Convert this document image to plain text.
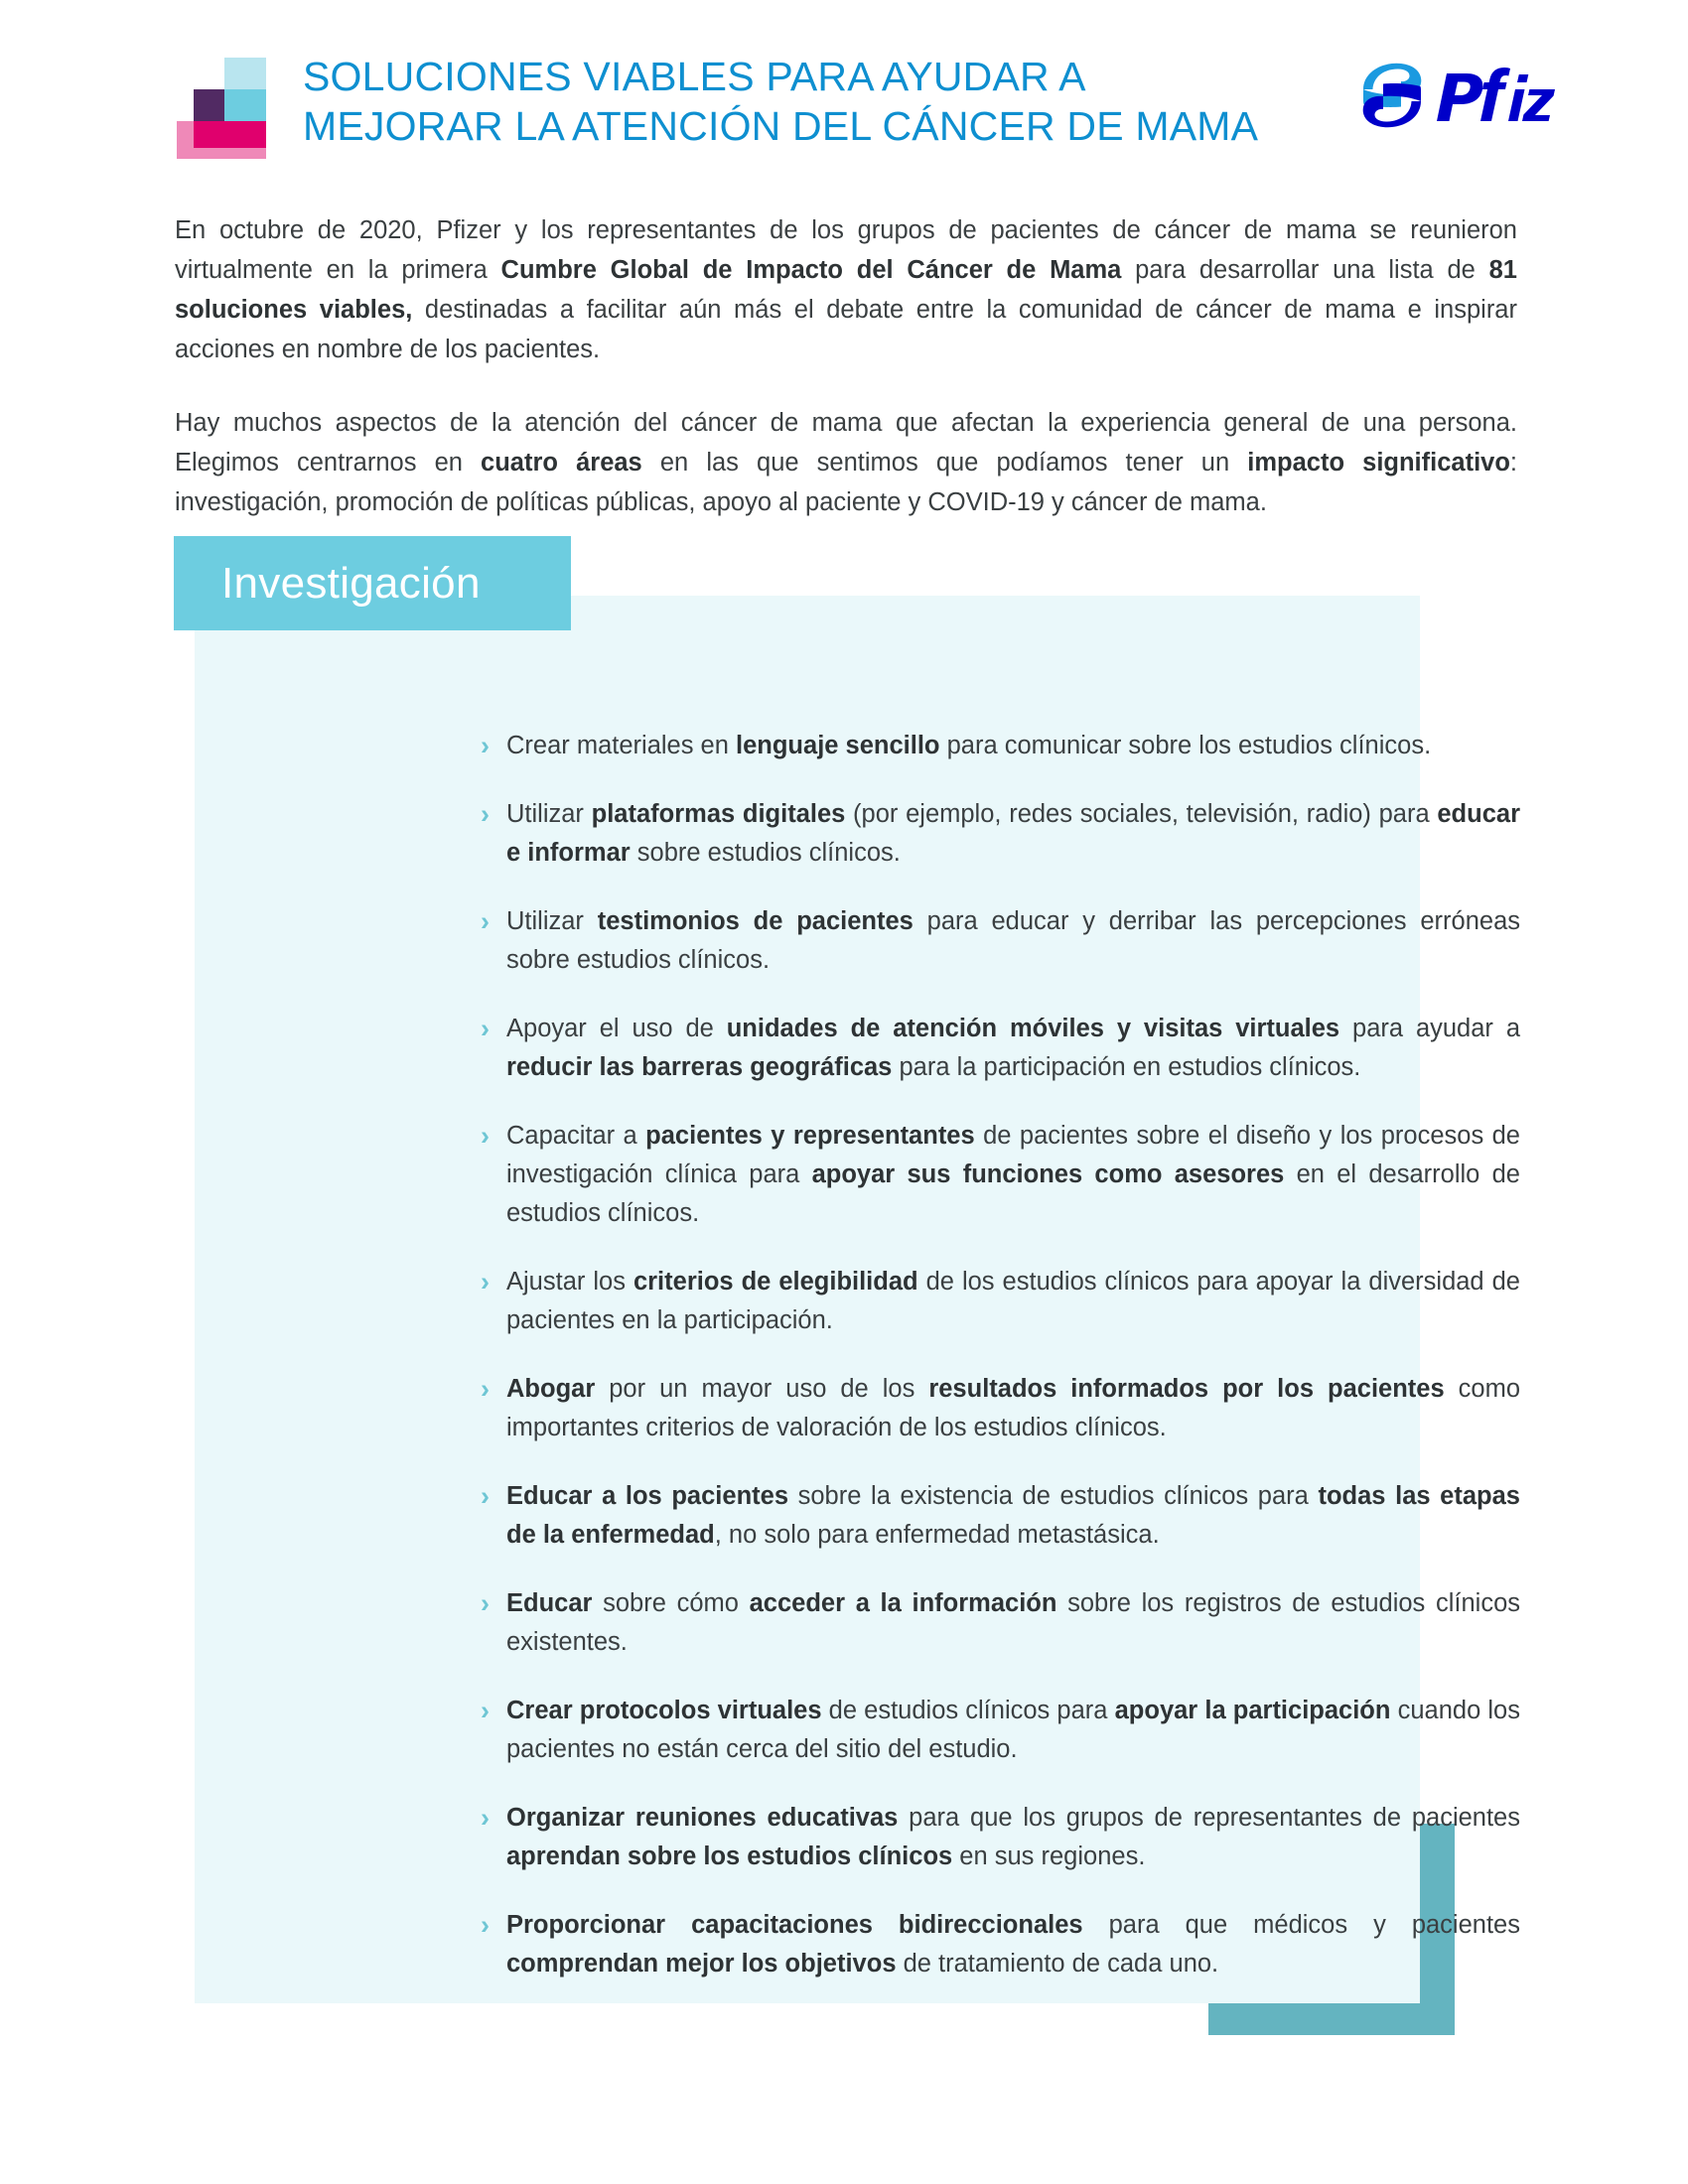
SOLUCIONES VIABLES PARA AYUDAR A
MEJORAR LA ATENCIÓN DEL CÁNCER DE MAMA

En octubre de 2020, Pfizer y los representantes de los grupos de pacientes de cáncer de mama se reunieron virtualmente en la primera Cumbre Global de Impacto del Cáncer de Mama para desarrollar una lista de 81 soluciones viables, destinadas a facilitar aún más el debate entre la comunidad de cáncer de mama e inspirar acciones en nombre de los pacientes.

Hay muchos aspectos de la atención del cáncer de mama que afectan la experiencia general de una persona. Elegimos centrarnos en cuatro áreas en las que sentimos que podíamos tener un impacto significativo: investigación, promoción de políticas públicas, apoyo al paciente y COVID-19 y cáncer de mama.

› Crear materiales en lenguaje sencillo para comunicar sobre los estudios clínicos.
› Utilizar plataformas digitales (por ejemplo, redes sociales, televisión, radio) para educar e informar sobre estudios clínicos.
› Utilizar testimonios de pacientes para educar y derribar las percepciones erróneas sobre estudios clínicos.
› Apoyar el uso de unidades de atención móviles y visitas virtuales para ayudar a reducir las barreras geográficas para la participación en estudios clínicos.
› Capacitar a pacientes y representantes de pacientes sobre el diseño y los procesos de investigación clínica para apoyar sus funciones como asesores en el desarrollo de estudios clínicos.
› Ajustar los criterios de elegibilidad de los estudios clínicos para apoyar la diversidad de pacientes en la participación.
› Abogar por un mayor uso de los resultados informados por los pacientes como importantes criterios de valoración de los estudios clínicos.
› Educar a los pacientes sobre la existencia de estudios clínicos para todas las etapas de la enfermedad, no solo para enfermedad metastásica.
› Educar sobre cómo acceder a la información sobre los registros de estudios clínicos existentes.
› Crear protocolos virtuales de estudios clínicos para apoyar la participación cuando los pacientes no están cerca del sitio del estudio.
› Organizar reuniones educativas para que los grupos de representantes de pacientes aprendan sobre los estudios clínicos en sus regiones.
› Proporcionar capacitaciones bidireccionales para que médicos y pacientes comprendan mejor los objetivos de tratamiento de cada uno.
Investigación
